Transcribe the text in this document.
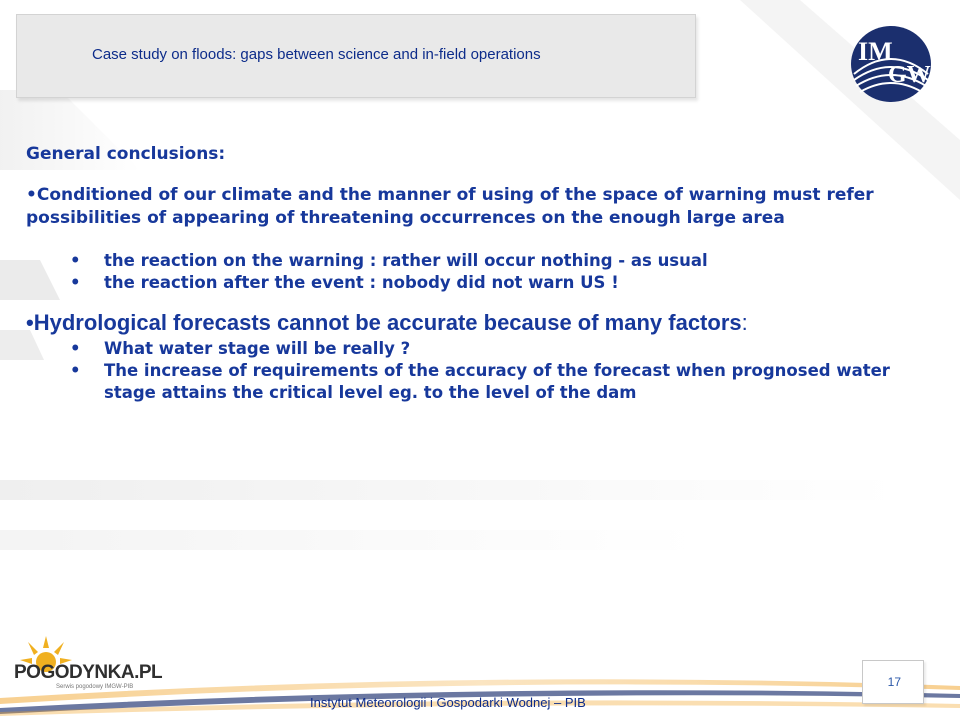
Case study on floods: gaps between science and in-field operations	IM
GW

General conclusions:

•Conditioned of our climate and the manner of using of the space of warning must refer possibilities of appearing of threatening occurrences on the enough large area

• the reaction on the warning : rather will occur nothing - as usual
• the reaction after the event : nobody did not warn US !

•Hydrological forecasts cannot be accurate because of many factors:

• What water stage will be really ?
• The increase of requirements of the accuracy of the forecast when prognosed water stage attains the critical level eg. to the level of the dam
POGODYNKA.PL
Serwis pogodowy IMGW-PIB
Instytut Meteorologii i Gospodarki Wodnej – PIB
17
